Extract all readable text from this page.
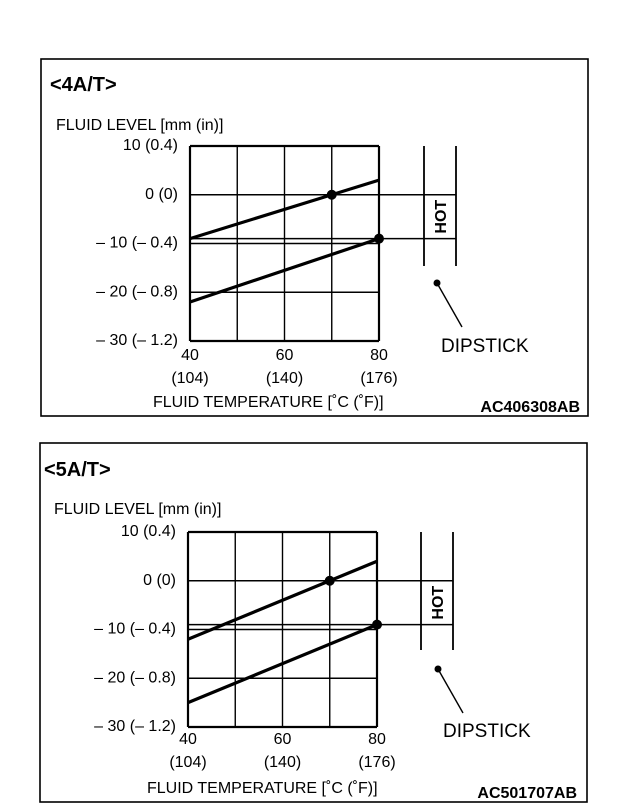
<4A/T>
FLUID LEVEL [mm (in)]
10 (0.4)
0 (0)
– 10 (– 0.4)
– 20 (– 0.8)
– 30 (– 1.2)
40	60	80
(104)	(140)	(176)
FLUID TEMPERATURE [˚C (˚F)]
HOT
DIPSTICK
AC406308AB
<5A/T>
FLUID LEVEL [mm (in)]
10 (0.4)
0 (0)
– 10 (– 0.4)
– 20 (– 0.8)
– 30 (– 1.2)
40	60	80
(104)	(140)	(176)
FLUID TEMPERATURE [˚C (˚F)]
HOT
DIPSTICK
AC501707AB
